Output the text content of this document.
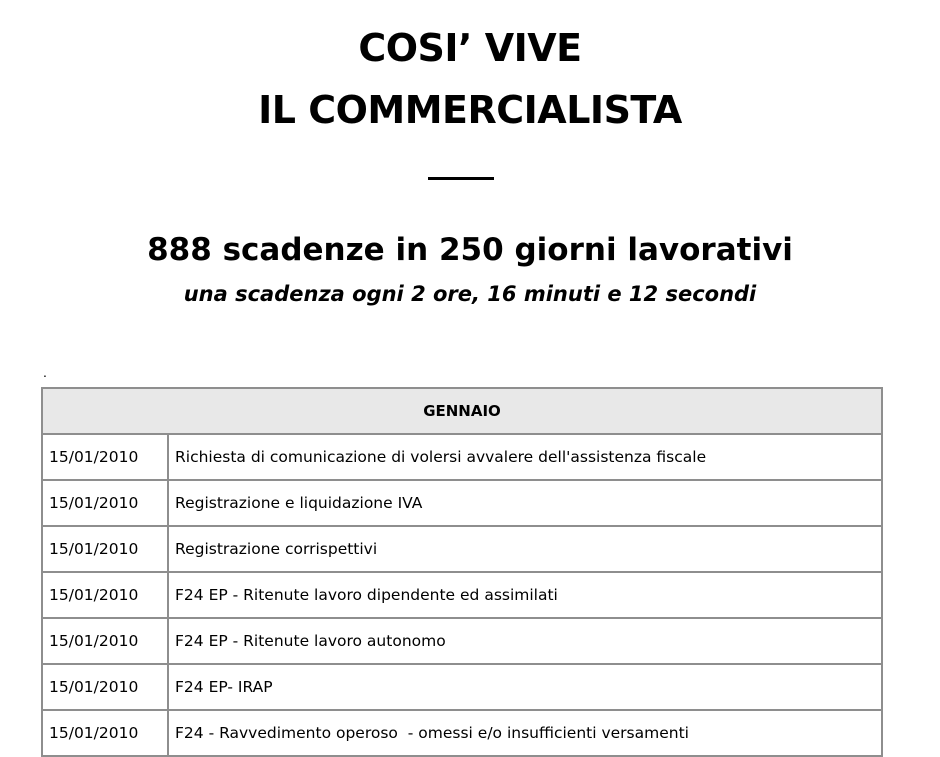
COSI’ VIVE
IL COMMERCIALISTA
888 scadenze in 250 giorni lavorativi

una scadenza ogni 2 ore, 16 minuti e 12 secondi

.
GENNAIO
15/01/2010	Richiesta di comunicazione di volersi avvalere dell'assistenza fiscale
15/01/2010	Registrazione e liquidazione IVA
15/01/2010	Registrazione corrispettivi
15/01/2010	F24 EP - Ritenute lavoro dipendente ed assimilati
15/01/2010	F24 EP - Ritenute lavoro autonomo
15/01/2010	F24 EP- IRAP
15/01/2010	F24 - Ravvedimento operoso  - omessi e/o insufficienti versamenti
